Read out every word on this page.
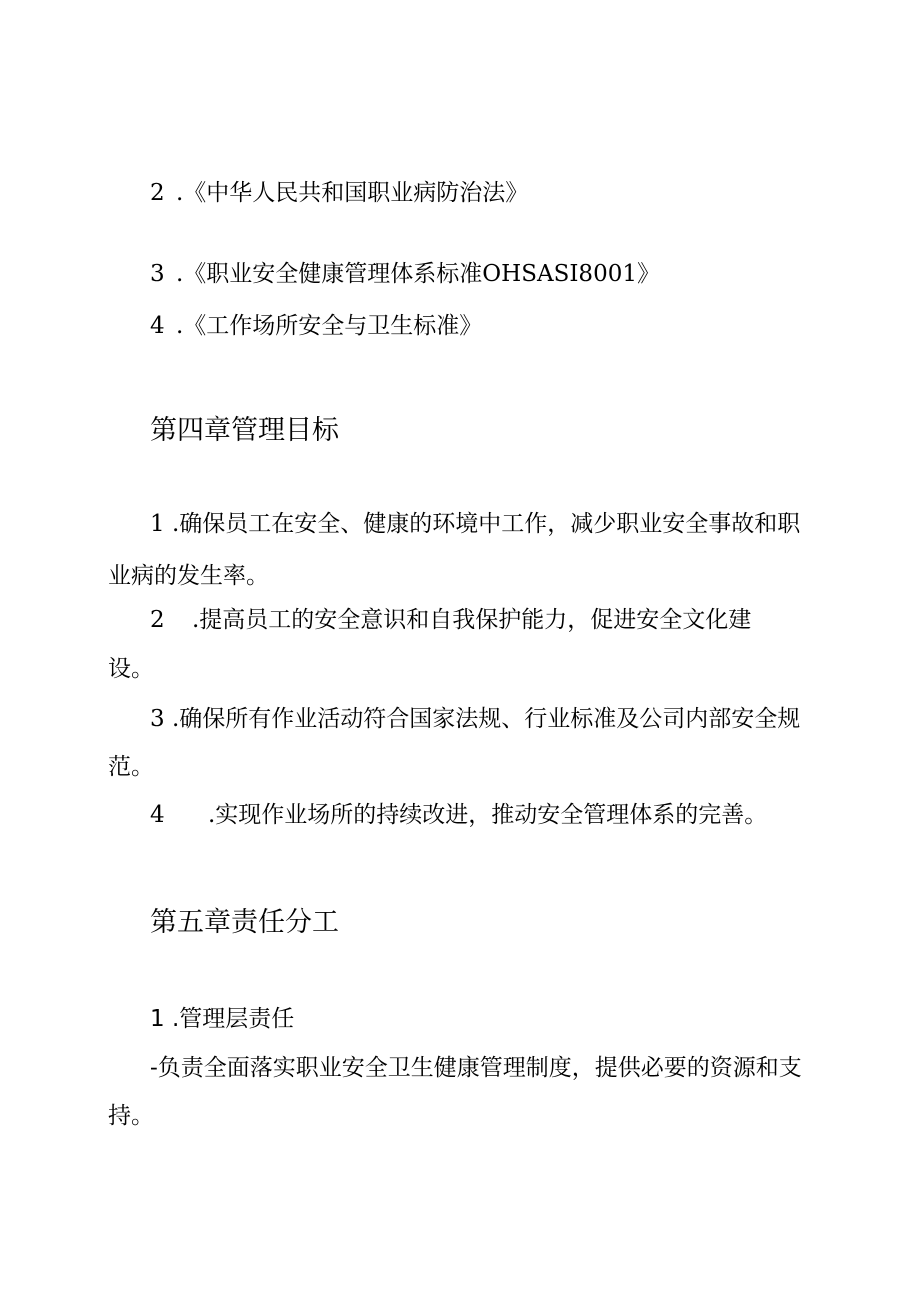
2 .《中华人民共和国职业病防治法》
3 .《职业安全健康管理体系标准OHSASI8001》
4 .《工作场所安全与卫生标准》
第四章管理目标
1 .确保员工在安全、健康的环境中工作，减少职业安全事故和职
业病的发生率。
2 .提高员工的安全意识和自我保护能力，促进安全文化建
设。
3 .确保所有作业活动符合国家法规、行业标准及公司内部安全规
范。
4 .实现作业场所的持续改进，推动安全管理体系的完善。
第五章责任分工
1 .管理层责任
-负责全面落实职业安全卫生健康管理制度，提供必要的资源和支
持。
